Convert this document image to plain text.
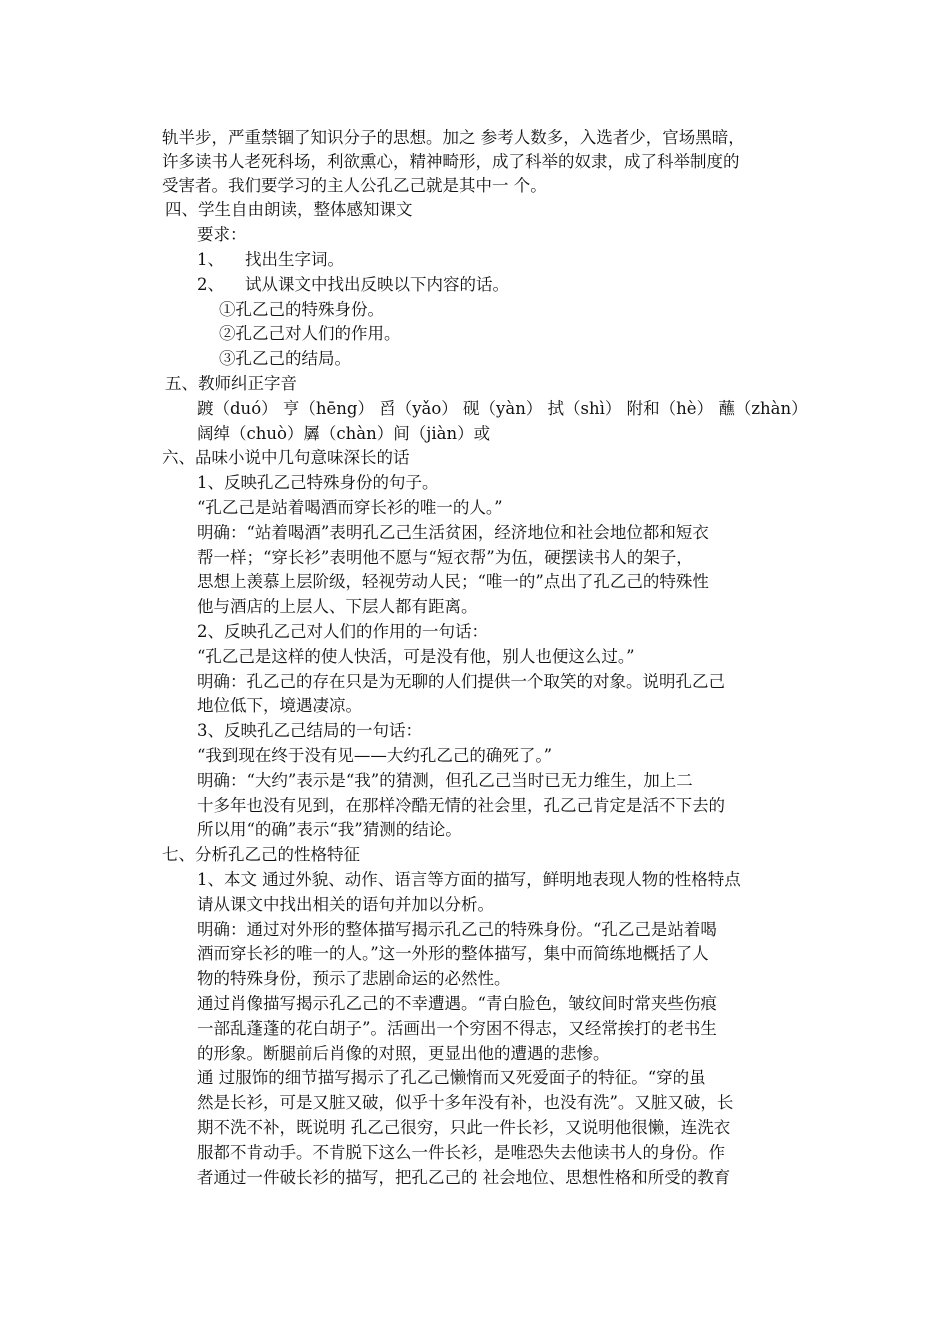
轨半步，严重禁锢了知识分子的思想。加之 参考人数多，入选者少，官场黑暗，
许多读书人老死科场，利欲熏心，精神畸形，成了科举的奴隶，成了科举制度的
受害者。我们要学习的主人公孔乙己就是其中一 个。
四、学生自由朗读，整体感知课文
要求：
1、    找出生字词。
2、    试从课文中找出反映以下内容的话。
①孔乙己的特殊身份。
②孔乙己对人们的作用。
③孔乙己的结局。
五、教师纠正字音
踱（duó） 亨（hēng） 舀（yǎo） 砚（yàn） 拭（shì） 附和（hè） 蘸（zhàn）
阔绰（chuò）羼（chàn）间（jiàn）或
六、品味小说中几句意味深长的话
1、反映孔乙己特殊身份的句子。
“孔乙己是站着喝酒而穿长衫的唯一的人。”
明确：“站着喝酒”表明孔乙己生活贫困，经济地位和社会地位都和短衣
帮一样；“穿长衫”表明他不愿与“短衣帮”为伍，硬摆读书人的架子，
思想上羡慕上层阶级，轻视劳动人民；“唯一的”点出了孔乙己的特殊性
他与酒店的上层人、下层人都有距离。
2、反映孔乙己对人们的作用的一句话：
“孔乙己是这样的使人快活，可是没有他，别人也便这么过。”
明确：孔乙己的存在只是为无聊的人们提供一个取笑的对象。说明孔乙己
地位低下，境遇凄凉。
3、反映孔乙己结局的一句话：
“我到现在终于没有见——大约孔乙己的确死了。”
明确：“大约”表示是“我”的猜测，但孔乙己当时已无力维生，加上二
十多年也没有见到，在那样冷酷无情的社会里，孔乙己肯定是活不下去的
所以用“的确”表示“我”猜测的结论。
七、分析孔乙己的性格特征
1、本文 通过外貌、动作、语言等方面的描写，鲜明地表现人物的性格特点
请从课文中找出相关的语句并加以分析。
明确：通过对外形的整体描写揭示孔乙己的特殊身份。“孔乙己是站着喝
酒而穿长衫的唯一的人。”这一外形的整体描写，集中而简练地概括了人
物的特殊身份，预示了悲剧命运的必然性。
通过肖像描写揭示孔乙己的不幸遭遇。“青白脸色，皱纹间时常夹些伤痕
一部乱蓬蓬的花白胡子”。活画出一个穷困不得志，又经常挨打的老书生
的形象。断腿前后肖像的对照，更显出他的遭遇的悲惨。
通 过服饰的细节描写揭示了孔乙己懒惰而又死爱面子的特征。“穿的虽
然是长衫，可是又脏又破，似乎十多年没有补，也没有洗”。又脏又破，长
期不洗不补，既说明 孔乙己很穷，只此一件长衫，又说明他很懒，连洗衣
服都不肯动手。不肯脱下这么一件长衫，是唯恐失去他读书人的身份。作
者通过一件破长衫的描写，把孔乙己的 社会地位、思想性格和所受的教育
